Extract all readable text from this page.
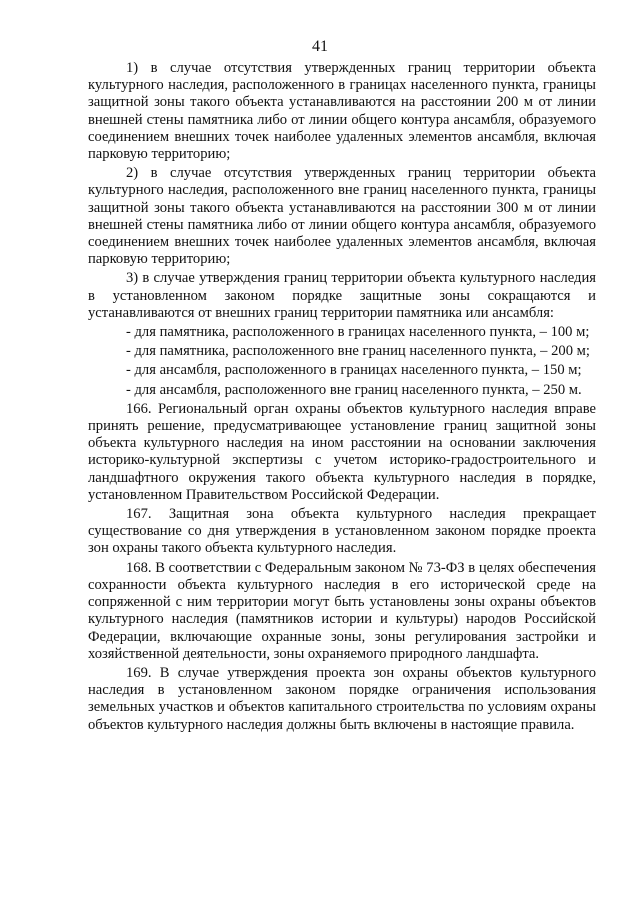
41

1) в случае отсутствия утвержденных границ территории объекта культурного наследия, расположенного в границах населенного пункта, границы защитной зоны такого объекта устанавливаются на расстоянии 200 м от линии внешней стены памятника либо от линии общего контура ансамбля, образуемого соединением внешних точек наиболее удаленных элементов ансамбля, включая парковую территорию;

2) в случае отсутствия утвержденных границ территории объекта культурного наследия, расположенного вне границ населенного пункта, границы защитной зоны такого объекта устанавливаются на расстоянии 300 м от линии внешней стены памятника либо от линии общего контура ансамбля, образуемого соединением внешних точек наиболее удаленных элементов ансамбля, включая парковую территорию;

3) в случае утверждения границ территории объекта культурного наследия в установленном законом порядке защитные зоны сокращаются и устанавливаются от внешних границ территории памятника или ансамбля:

- для памятника, расположенного в границах населенного пункта, – 100 м;

- для памятника, расположенного вне границ населенного пункта, – 200 м;

- для ансамбля, расположенного в границах населенного пункта, – 150 м;

- для ансамбля, расположенного вне границ населенного пункта, – 250 м.

166. Региональный орган охраны объектов культурного наследия вправе принять решение, предусматривающее установление границ защитной зоны объекта культурного наследия на ином расстоянии на основании заключения историко-культурной экспертизы с учетом историко-градостроительного и ландшафтного окружения такого объекта культурного наследия в порядке, установленном Правительством Российской Федерации.

167. Защитная зона объекта культурного наследия прекращает существование со дня утверждения в установленном законом порядке проекта зон охраны такого объекта культурного наследия.

168. В соответствии с Федеральным законом № 73-ФЗ в целях обеспечения сохранности объекта культурного наследия в его исторической среде на сопряженной с ним территории могут быть установлены зоны охраны объектов культурного наследия (памятников истории и культуры) народов Российской Федерации, включающие охранные зоны, зоны регулирования застройки и хозяйственной деятельности, зоны охраняемого природного ландшафта.

169. В случае утверждения проекта зон охраны объектов культурного наследия в установленном законом порядке ограничения использования земельных участков и объектов капитального строительства по условиям охраны объектов культурного наследия должны быть включены в настоящие правила.
